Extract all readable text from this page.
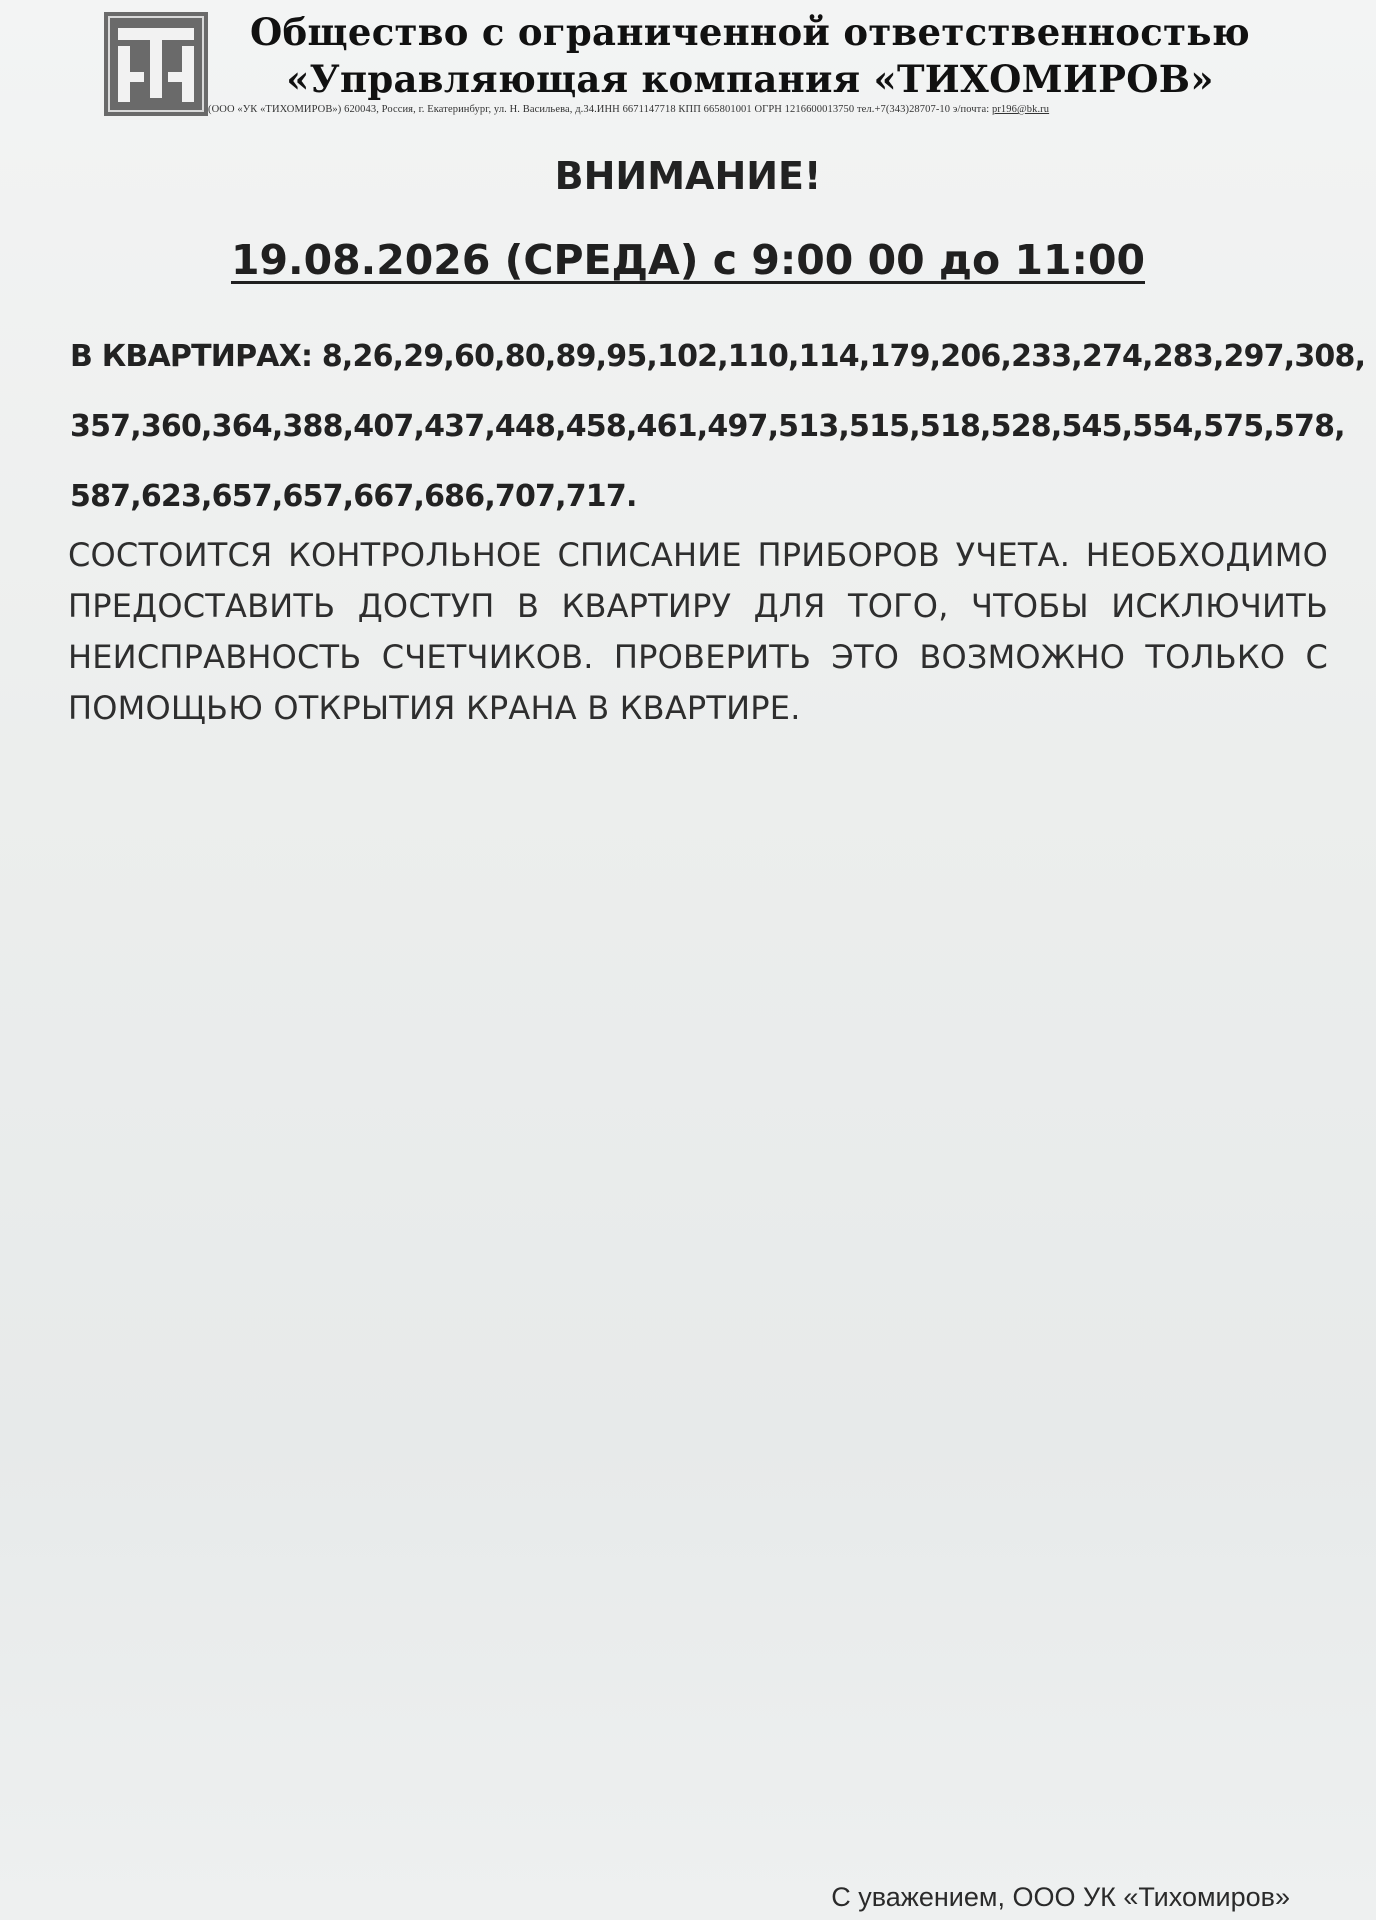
Общество с ограниченной ответственностью
«Управляющая компания «ТИХОМИРОВ»
(ООО «УК «ТИХОМИРОВ») 620043, Россия, г. Екатеринбург, ул. Н. Васильева, д.34.ИНН 6671147718 КПП 665801001 ОГРН 1216600013750 тел.+7(343)28707-10 э/почта: pr196@bk.ru
ВНИМАНИЕ!
19.08.2026 (СРЕДА) с 9:00 00 до 11:00
В КВАРТИРАХ: 8,26,29,60,80,89,95,102,110,114,179,206,233,274,283,297,308,
357,360,364,388,407,437,448,458,461,497,513,515,518,528,545,554,575,578,
587,623,657,657,667,686,707,717.
СОСТОИТСЯ КОНТРОЛЬНОЕ СПИСАНИЕ ПРИБОРОВ УЧЕТА. НЕОБХОДИМО ПРЕДОСТАВИТЬ ДОСТУП В КВАРТИРУ ДЛЯ ТОГО, ЧТОБЫ ИСКЛЮЧИТЬ НЕИСПРАВНОСТЬ СЧЕТЧИКОВ. ПРОВЕРИТЬ ЭТО ВОЗМОЖНО ТОЛЬКО С ПОМОЩЬЮ ОТКРЫТИЯ КРАНА В КВАРТИРЕ.
С уважением, ООО УК «Тихомиров»
